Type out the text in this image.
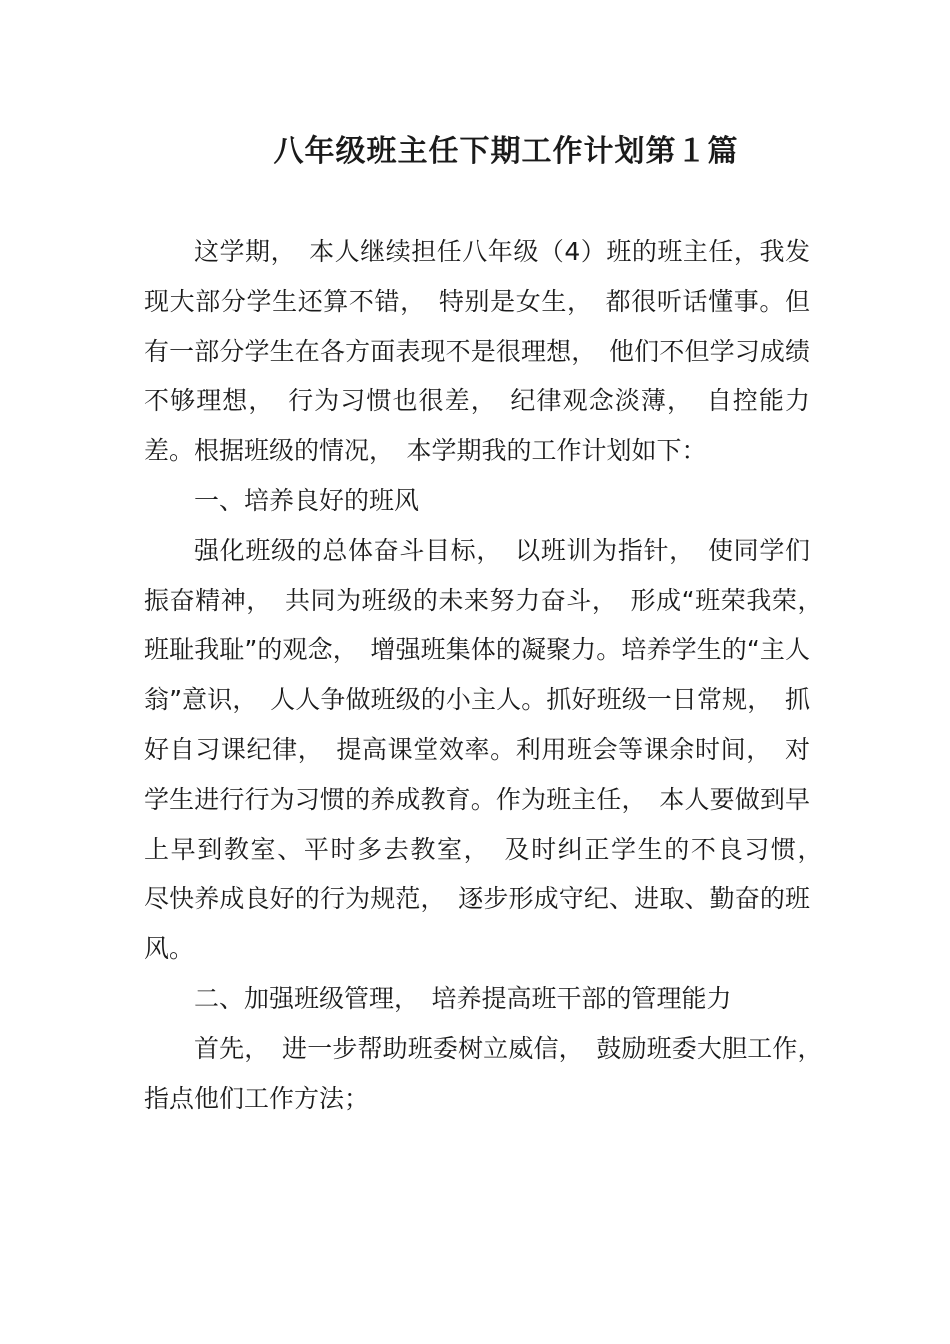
八年级班主任下期工作计划第１篇

这学期，　本人继续担任八年级（4）班的班主任，我发现大部分学生还算不错，　特别是女生，　都很听话懂事。但有一部分学生在各方面表现不是很理想，　他们不但学习成绩不够理想，　行为习惯也很差，　纪律观念淡薄，　自控能力差。根据班级的情况，　本学期我的工作计划如下：

一、培养良好的班风

强化班级的总体奋斗目标，　以班训为指针，　使同学们振奋精神，　共同为班级的未来努力奋斗，　形成“班荣我荣，　班耻我耻”的观念，　增强班集体的凝聚力。培养学生的“主人翁”意识，　人人争做班级的小主人。抓好班级一日常规，　抓好自习课纪律，　提高课堂效率。利用班会等课余时间，　对学生进行行为习惯的养成教育。作为班主任，　本人要做到早上早到教室、平时多去教室，　及时纠正学生的不良习惯，　尽快养成良好的行为规范，　逐步形成守纪、进取、勤奋的班风。

二、加强班级管理，　培养提高班干部的管理能力

首先，　进一步帮助班委树立威信，　鼓励班委大胆工作，　指点他们工作方法；
